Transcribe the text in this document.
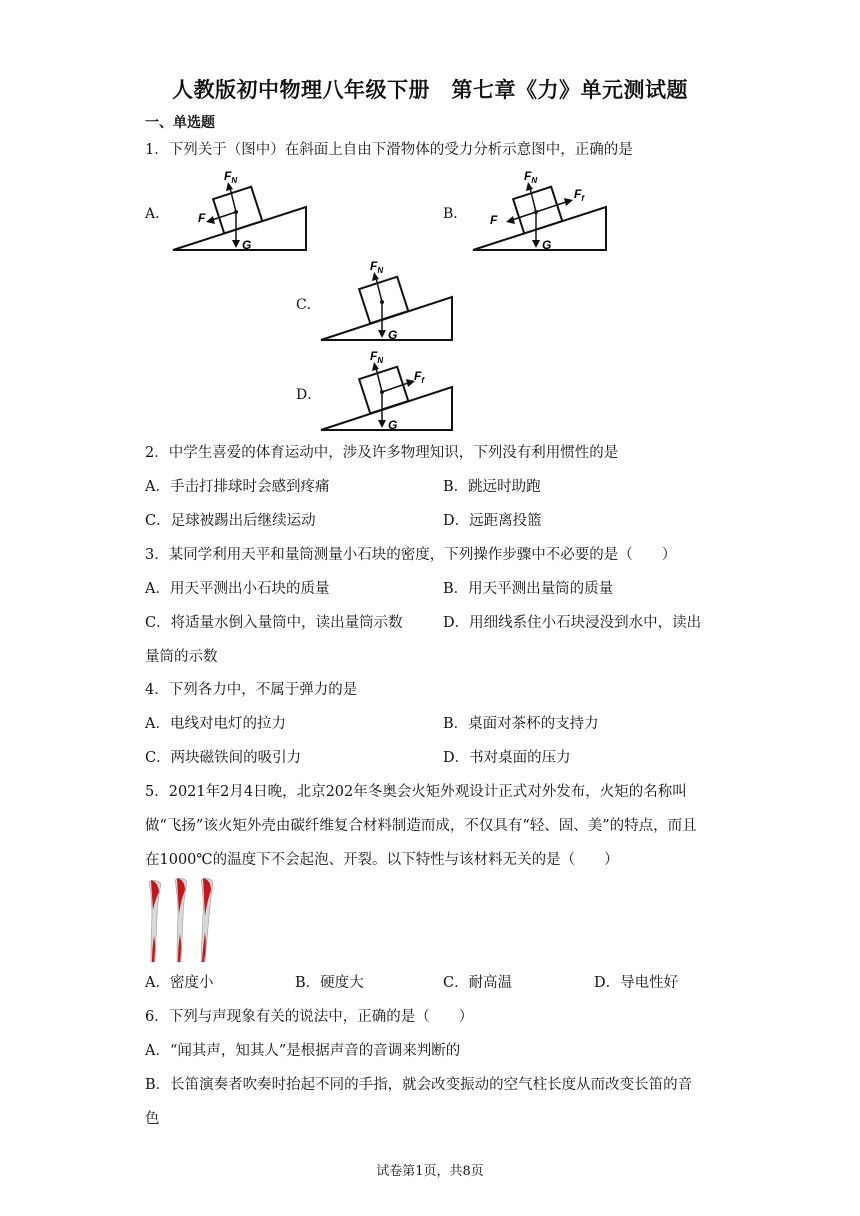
人教版初中物理八年级下册　第七章《力》单元测试题
一、单选题
1．下列关于（图中）在斜面上自由下滑物体的受力分析示意图中，正确的是
A．
$F_N$
F
G
B．
$F_N$
$F_f$
F
G
C．
$F_N$
G
D．
$F_N$
$F_f$
G
2．中学生喜爱的体育运动中，涉及许多物理知识，下列没有利用惯性的是
A．手击打排球时会感到疼痛	B．跳远时助跑
C．足球被踢出后继续运动	D．远距离投篮
3．某同学利用天平和量筒测量小石块的密度，下列操作步骤中不必要的是（　　）
A．用天平测出小石块的质量	B．用天平测出量筒的质量
C．将适量水倒入量筒中，读出量筒示数	D．用细线系住小石块浸没到水中，读出
量筒的示数
4．下列各力中，不属于弹力的是
A．电线对电灯的拉力	B．桌面对茶杯的支持力
C．两块磁铁间的吸引力	D．书对桌面的压力
5．2021年2月4日晚，北京202年冬奥会火矩外观设计正式对外发布，火矩的名称叫
做“飞扬”该火矩外壳由碳纤维复合材料制造而成，不仅具有“轻、固、美”的特点，而且
在1000℃的温度下不会起泡、开裂。以下特性与该材料无关的是（　　）
A．密度小	B．硬度大	C．耐高温	D．导电性好
6．下列与声现象有关的说法中，正确的是（　　）
A．“闻其声，知其人”是根据声音的音调来判断的
B．长笛演奏者吹奏时抬起不同的手指，就会改变振动的空气柱长度从而改变长笛的音
色
试卷第1页，共8页
